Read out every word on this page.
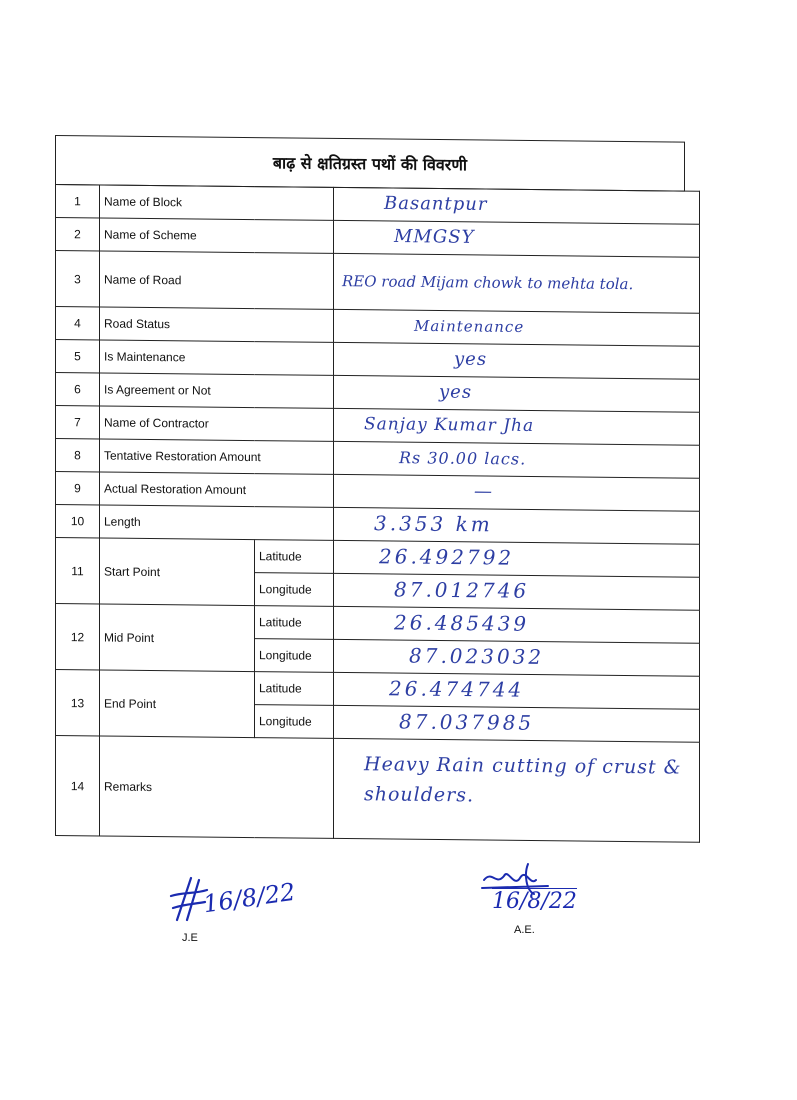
बाढ़ से क्षतिग्रस्त पथों की विवरणी
1	Name of Block		Basantpur

2	Name of Scheme		MMGSY

3	Name of Road		REO road Mijam chowk to mehta tola.

4	Road Status		Maintenance

5	Is Maintenance		yes

6	Is Agreement or Not		yes

7	Name of Contractor		Sanjay Kumar Jha

8	Tentative Restoration Amount		Rs 30.00 lacs.

9	Actual Restoration Amount		—

10	Length		3.353 km

11	Start Point	Latitude	26.492792

		Longitude	87.012746

12	Mid Point	Latitude	26.485439

		Longitude	87.023032

13	End Point	Latitude	26.474744

		Longitude	87.037985

14	Remarks		Heavy Rain cutting of crust & shoulders.
16/8/22
J.E
16/8/22
A.E.
